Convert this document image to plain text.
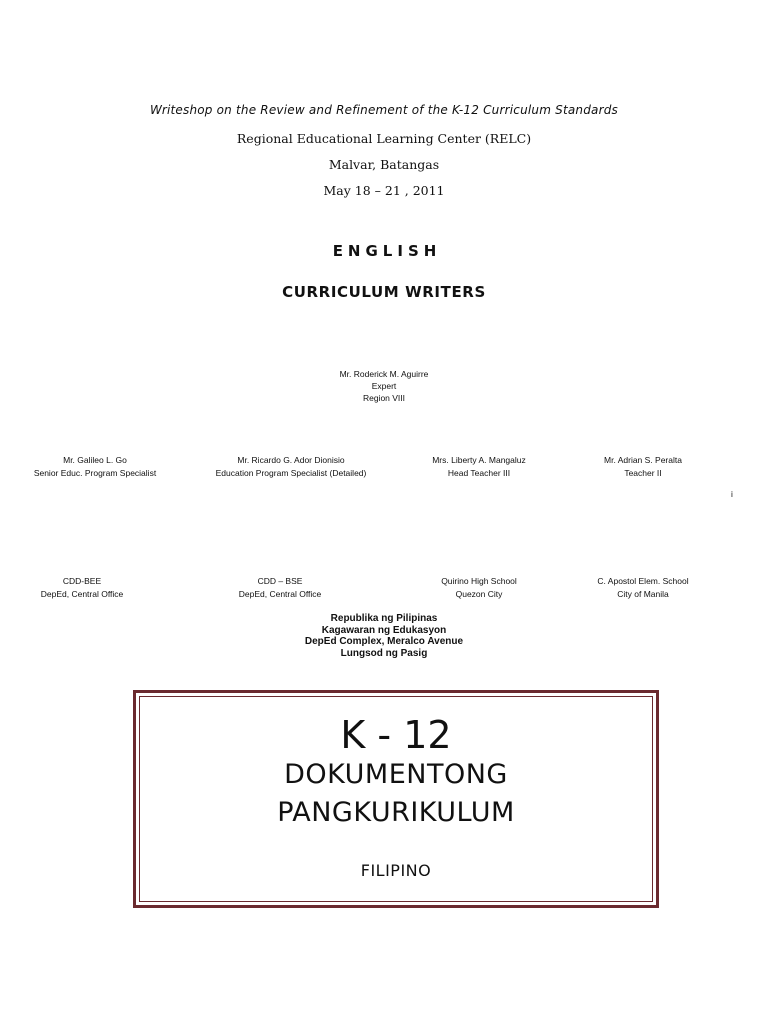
Writeshop on the Review and Refinement of the K-12 Curriculum Standards
Regional Educational Learning Center (RELC)
Malvar, Batangas
May 18 – 21 , 2011
ENGLISH
CURRICULUM WRITERS
Mr. Roderick M. Aguirre
Expert
Region VIII
Mr. Galileo L. Go
Senior Educ. Program Specialist
Mr. Ricardo G. Ador Dionisio
Education Program Specialist (Detailed)
Mrs. Liberty A. Mangaluz
Head Teacher III
Mr. Adrian S. Peralta
Teacher II
i
CDD-BEE
DepEd, Central Office
CDD – BSE
DepEd, Central Office
Quirino High School
Quezon City
C. Apostol Elem. School
City of Manila
Republika ng Pilipinas
Kagawaran ng Edukasyon
DepEd Complex, Meralco Avenue
Lungsod ng Pasig
K - 12
DOKUMENTONG
PANGKURIKULUM
FILIPINO
